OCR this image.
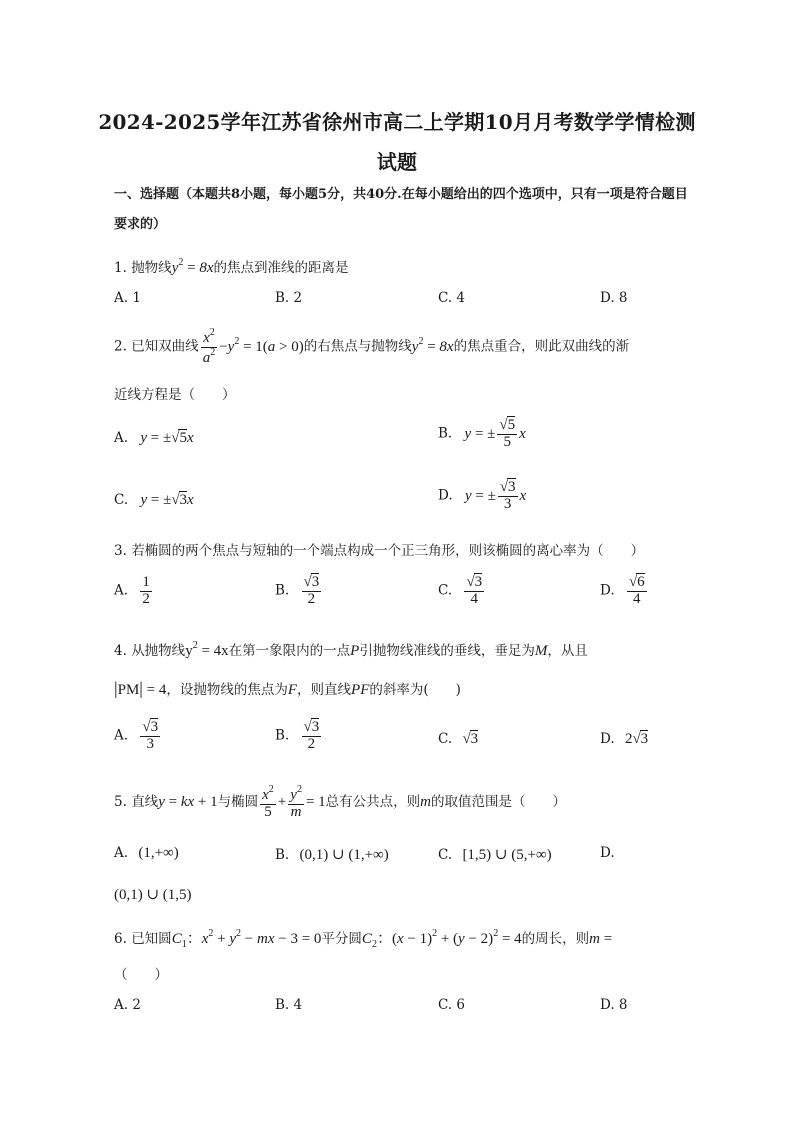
2024-2025学年江苏省徐州市高二上学期10月月考数学学情检测
试题
一、选择题（本题共8小题，每小题5分，共40分.在每小题给出的四个选项中，只有一项是符合题目要求的）
1. 抛物线$y^2 = 8x$的焦点到准线的距离是
A. 1	B. 2	C. 4	D. 8
2. 已知双曲线 $\frac{x^2}{a^2} -y^2 = 1(a > 0)$的右焦点与抛物线$y^2 = 8x$的焦点重合，则此双曲线的渐
近线方程是（　　）
A. y = ±√5x	B. y = ± $\frac{√5}{5}$ x
C. y = ±√3x	D. y = ± $\frac{√3}{3}$ x
3. 若椭圆的两个焦点与短轴的一个端点构成一个正三角形，则该椭圆的离心率为（　　）
A. $\frac{1}{2}$	B. $\frac{√3}{2}$	C. $\frac{√3}{4}$	D. $\frac{√6}{4}$
4. 从抛物线$y^2 = 4x$在第一象限内的一点P引抛物线准线的垂线，垂足为M，从且
|PM| = 4，设抛物线的焦点为F，则直线PF的斜率为(　　)
A. $\frac{√3}{3}$	B. $\frac{√3}{2}$	C. √3	D. 2√3
5. 直线y = kx + 1与椭圆 $\frac{x^2}{5} + \frac{y^2}{m} = 1$总有公共点，则m的取值范围是（　　）
A. (1,+∞)	B. (0,1) ∪ (1,+∞)	C. [1,5) ∪ (5,+∞)	D.
(0,1) ∪ (1,5)
6. 已知圆$C_1$：$x^2 + y^2$ − mx − 3 = 0平分圆$C_2$：$(x - 1)^2 + (y - 2)^2 = 4$的周长，则m =
（　　）
A. 2	B. 4	C. 6	D. 8
